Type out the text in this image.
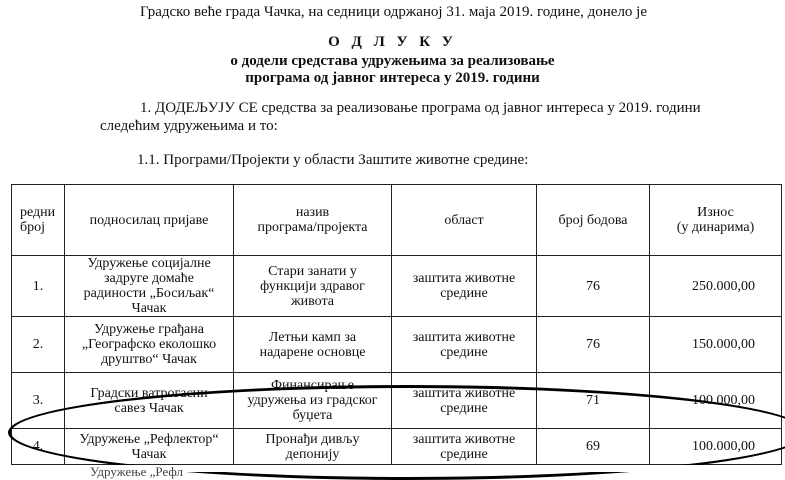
Градско веће града Чачка, на седници одржаној 31. маја 2019. године, донело је
О Д Л У К У
о додели средстава удружењима за реализовање
програма од јавног интереса у 2019. години
1. ДОДЕЉУЈУ СЕ средства за реализовање програма од јавног интереса у 2019. години
следећим удружењима и то:
1.1. Програми/Пројекти у области Заштите животне средине:
редни
број	подносилац пријаве	назив
програма/пројекта	област	број бодова	Износ
(у динарима)
1.	Удружење социјалне
задруге домаће
радиности „Босиљак“
Чачак	Стари занати у
функцији здравог
живота	заштита животне
средине	76	250.000,00
2.	Удружење грађана
„Географско еколошко
друштво“ Чачак	Летњи камп за
надарене основце	заштита животне
средине	76	150.000,00
3.	Градски ватрогасни
савез Чачак	Финансирање
удружења из градског
буџета	заштита животне
средине	71	100.000,00
4.	Удружење „Рефлектор“
Чачак	Пронађи дивљу
депонију	заштита животне
средине	69	100.000,00
Удружење „Рефл
